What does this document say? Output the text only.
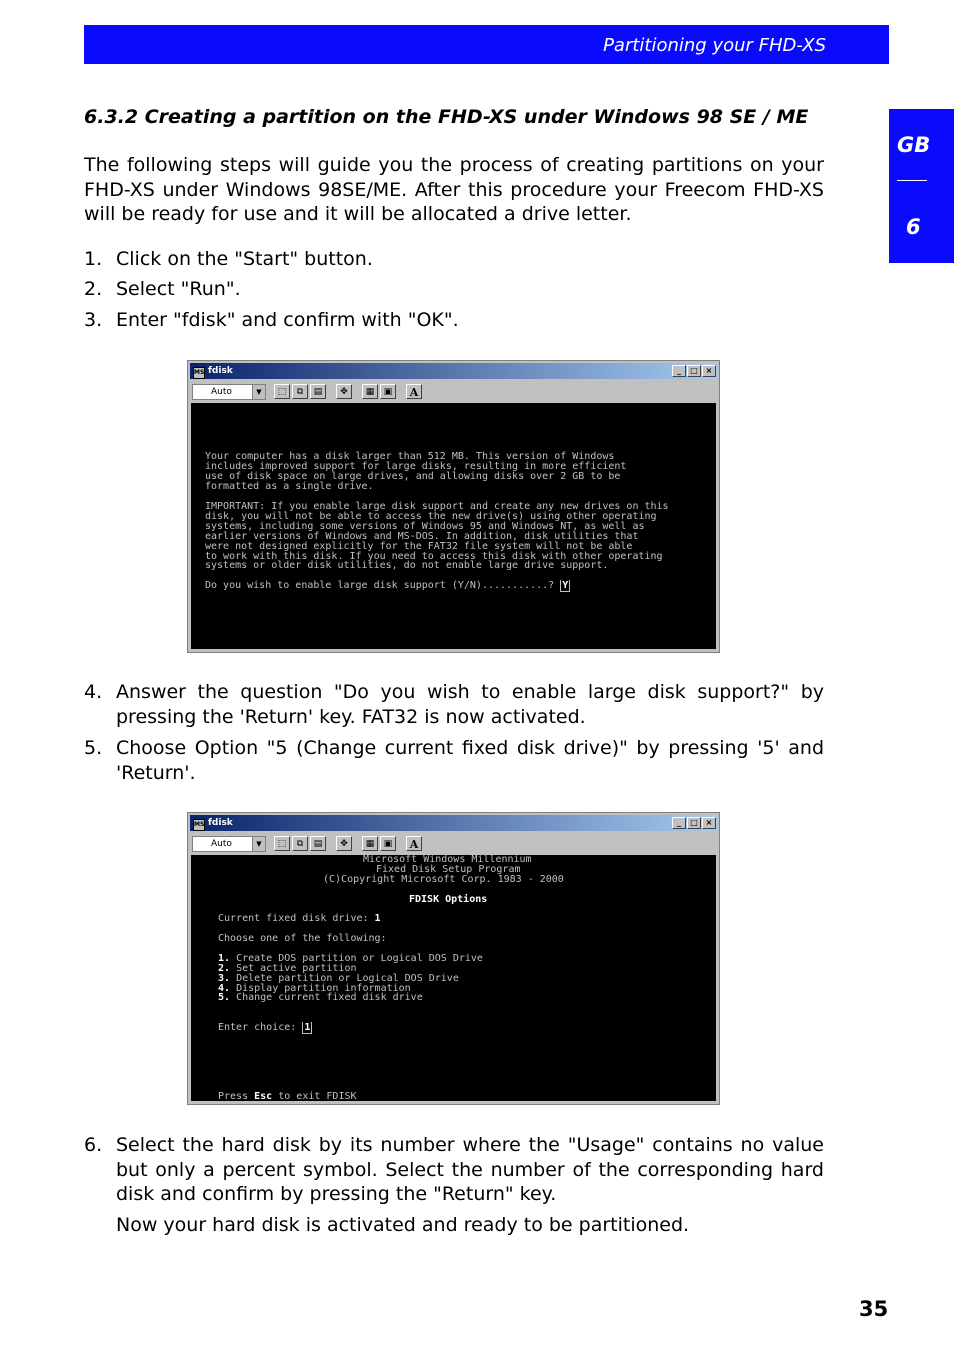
Partitioning your FHD-XS
GB
6
6.3.2 Creating a partition on the FHD-XS under Windows 98 SE / ME
The following steps will guide you the process of creating partitions on your FHD-XS under Windows 98SE/ME. After this procedure your Freecom FHD-XS will be ready for use and it will be allocated a drive letter.
1. Click on the "Start" button.
2. Select "Run".
3. Enter "fdisk" and confirm with "OK".
MS fdisk	_ □ ×
Auto	▼	⬚	⧉	▤	✥	▦	▣	A

Your computer has a disk larger than 512 MB. This version of Windows

includes improved support for large disks, resulting in more efficient

use of disk space on large drives, and allowing disks over 2 GB to be

formatted as a single drive.

IMPORTANT: If you enable large disk support and create any new drives on this

disk, you will not be able to access the new drive(s) using other operating

systems, including some versions of Windows 95 and Windows NT, as well as

earlier versions of Windows and MS-DOS. In addition, disk utilities that

were not designed explicitly for the FAT32 file system will not be able

to work with this disk. If you need to access this disk with other operating

systems or older disk utilities, do not enable large drive support.

Do you wish to enable large disk support (Y/N)...........? Y

4. Answer the question "Do you wish to enable large disk support?" by pressing the 'Return' key. FAT32 is now activated.
5. Choose Option "5 (Change current fixed disk drive)" by pressing '5' and 'Return'.
MS fdisk	_ □ ×
Auto	▼	⬚	⧉	▤	✥	▦	▣	A

Microsoft Windows Millennium

Fixed Disk Setup Program

(C)Copyright Microsoft Corp. 1983 - 2000

FDISK Options

Current fixed disk drive: 1

Choose one of the following:

1. Create DOS partition or Logical DOS Drive

2. Set active partition

3. Delete partition or Logical DOS Drive

4. Display partition information

5. Change current fixed disk drive

Enter choice: 1

Press Esc to exit FDISK

6. Select the hard disk by its number where the "Usage" contains no value but only a percent symbol. Select the number of the corresponding hard disk and confirm by pressing the "Return" key.
Now your hard disk is activated and ready to be partitioned.
35
